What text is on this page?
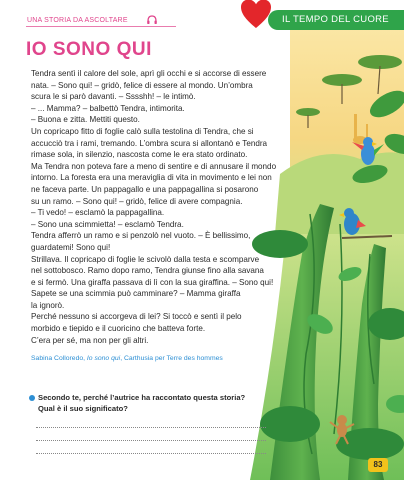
UNA STORIA DA ASCOLTARE	IL TEMPO DEL CUORE
IO SONO QUI
Tendra sentì il calore del sole, aprì gli occhi e si accorse di essere
nata. – Sono qui! – gridò, felice di essere al mondo. Un’ombra
scura le si parò davanti. – Sssshh! – le intimò.
– ... Mamma? – balbettò Tendra, intimorita.
– Buona e zitta. Mettiti questo.
Un copricapo fitto di foglie calò sulla testolina di Tendra, che si
accucciò tra i rami, tremando. L’ombra scura si allontanò e Tendra
rimase sola, in silenzio, nascosta come le era stato ordinato.
Ma Tendra non poteva fare a meno di sentire e di annusare il mondo
intorno. La foresta era una meraviglia di vita in movimento e lei non
ne faceva parte. Un pappagallo e una pappagallina si posarono
su un ramo. – Sono qui! – gridò, felice di avere compagnia.
– Ti vedo! – esclamò la pappagallina.
– Sono una scimmietta! – esclamò Tendra.
Tendra afferrò un ramo e si penzolò nel vuoto. – È bellissimo,
guardatemi! Sono qui!
Strillava. Il copricapo di foglie le scivolò dalla testa e scomparve
nel sottobosco. Ramo dopo ramo, Tendra giunse fino alla savana
e si fermò. Una giraffa passava di lì con la sua giraffina. – Sono qui!
Sapete se una scimmia può camminare? – Mamma giraffa
la ignorò.
Perché nessuno si accorgeva di lei? Si toccò e sentì il pelo
morbido e tiepido e il cuoricino che batteva forte.
C’era per sé, ma non per gli altri.
Sabina Colloredo, Io sono qui, Carthusia per Terre des hommes
Secondo te, perché l’autrice ha raccontato questa storia?
Qual è il suo significato?
83
